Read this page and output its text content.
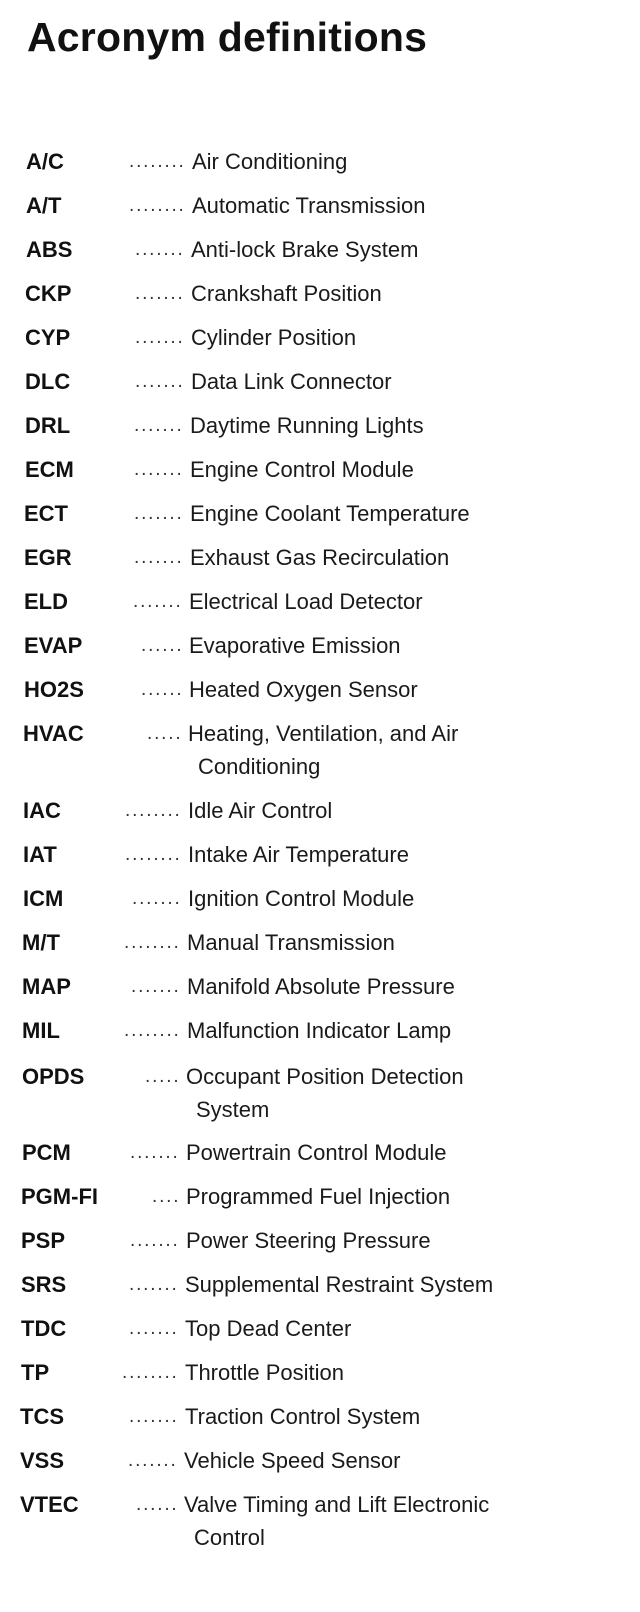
Acronym definitions
A/C	........ Air Conditioning
A/T	........ Automatic Transmission
ABS	....... Anti-lock Brake System
CKP	....... Crankshaft Position
CYP	....... Cylinder Position
DLC	....... Data Link Connector
DRL	....... Daytime Running Lights
ECM	....... Engine Control Module
ECT	....... Engine Coolant Temperature
EGR	....... Exhaust Gas Recirculation
ELD	....... Electrical Load Detector
EVAP	...... Evaporative Emission
HO2S	...... Heated Oxygen Sensor
HVAC	..... Heating, Ventilation, and Air
Conditioning
IAC	........ Idle Air Control
IAT	........ Intake Air Temperature
ICM	....... Ignition Control Module
M/T	........ Manual Transmission
MAP	....... Manifold Absolute Pressure
MIL	........ Malfunction Indicator Lamp
OPDS	..... Occupant Position Detection
System
PCM	....... Powertrain Control Module
PGM-FI	.... Programmed Fuel Injection
PSP	....... Power Steering Pressure
SRS	....... Supplemental Restraint System
TDC	....... Top Dead Center
TP	........ Throttle Position
TCS	....... Traction Control System
VSS	....... Vehicle Speed Sensor
VTEC	...... Valve Timing and Lift Electronic
Control
